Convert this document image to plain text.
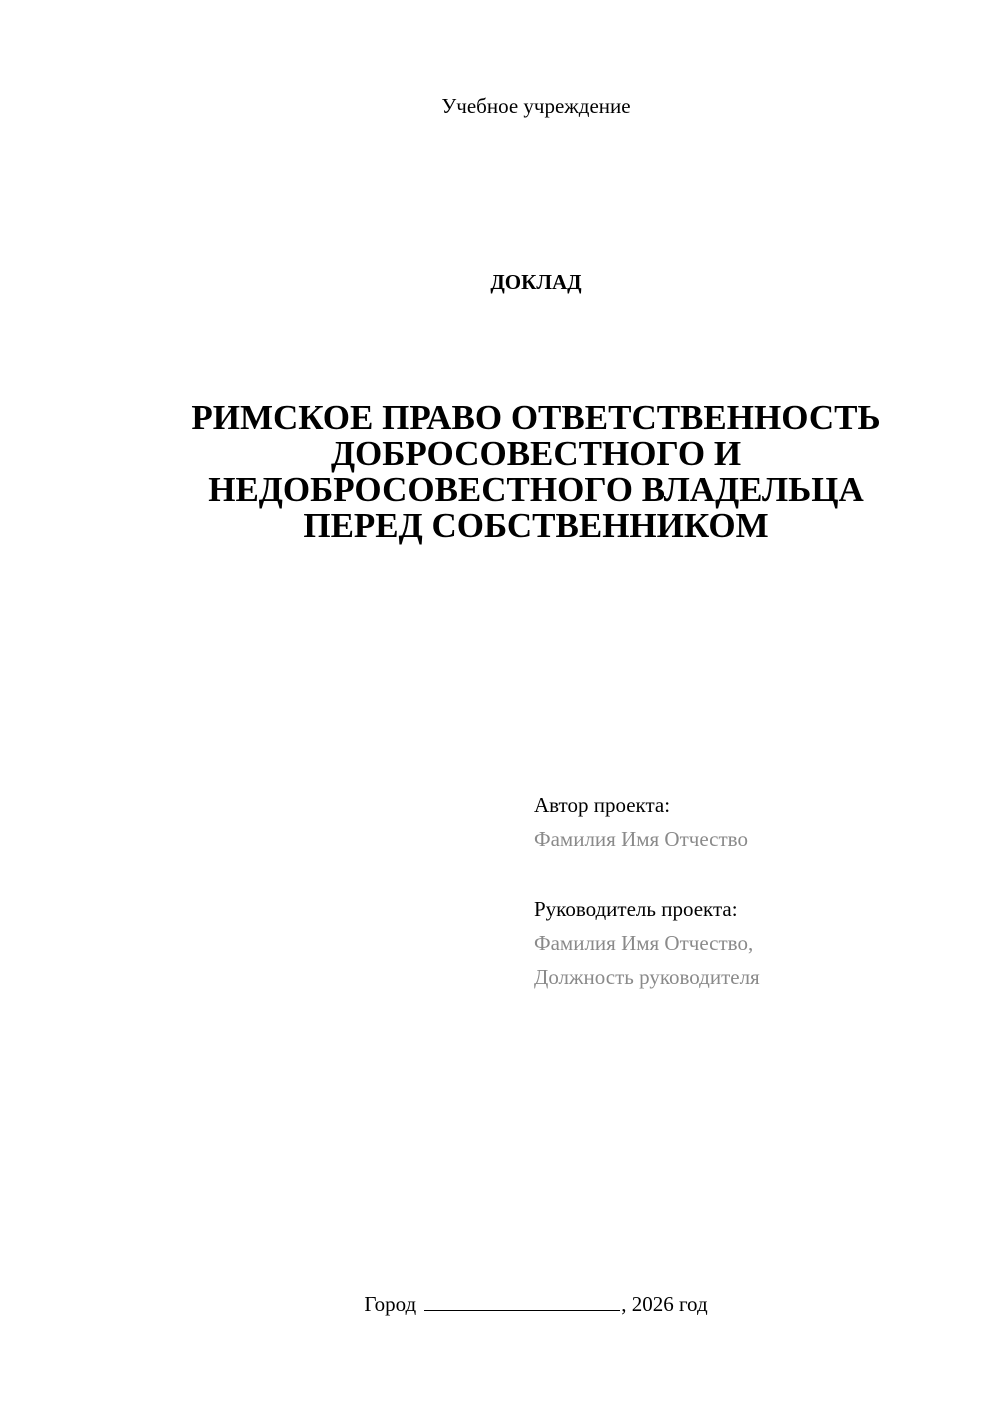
Учебное учреждение
ДОКЛАД
РИМСКОЕ ПРАВО ОТВЕТСТВЕННОСТЬ
ДОБРОСОВЕСТНОГО И
НЕДОБРОСОВЕСТНОГО ВЛАДЕЛЬЦА
ПЕРЕД СОБСТВЕННИКОМ
Автор проекта:
Фамилия Имя Отчество
Руководитель проекта:
Фамилия Имя Отчество,
Должность руководителя
Город	, 2026 год
